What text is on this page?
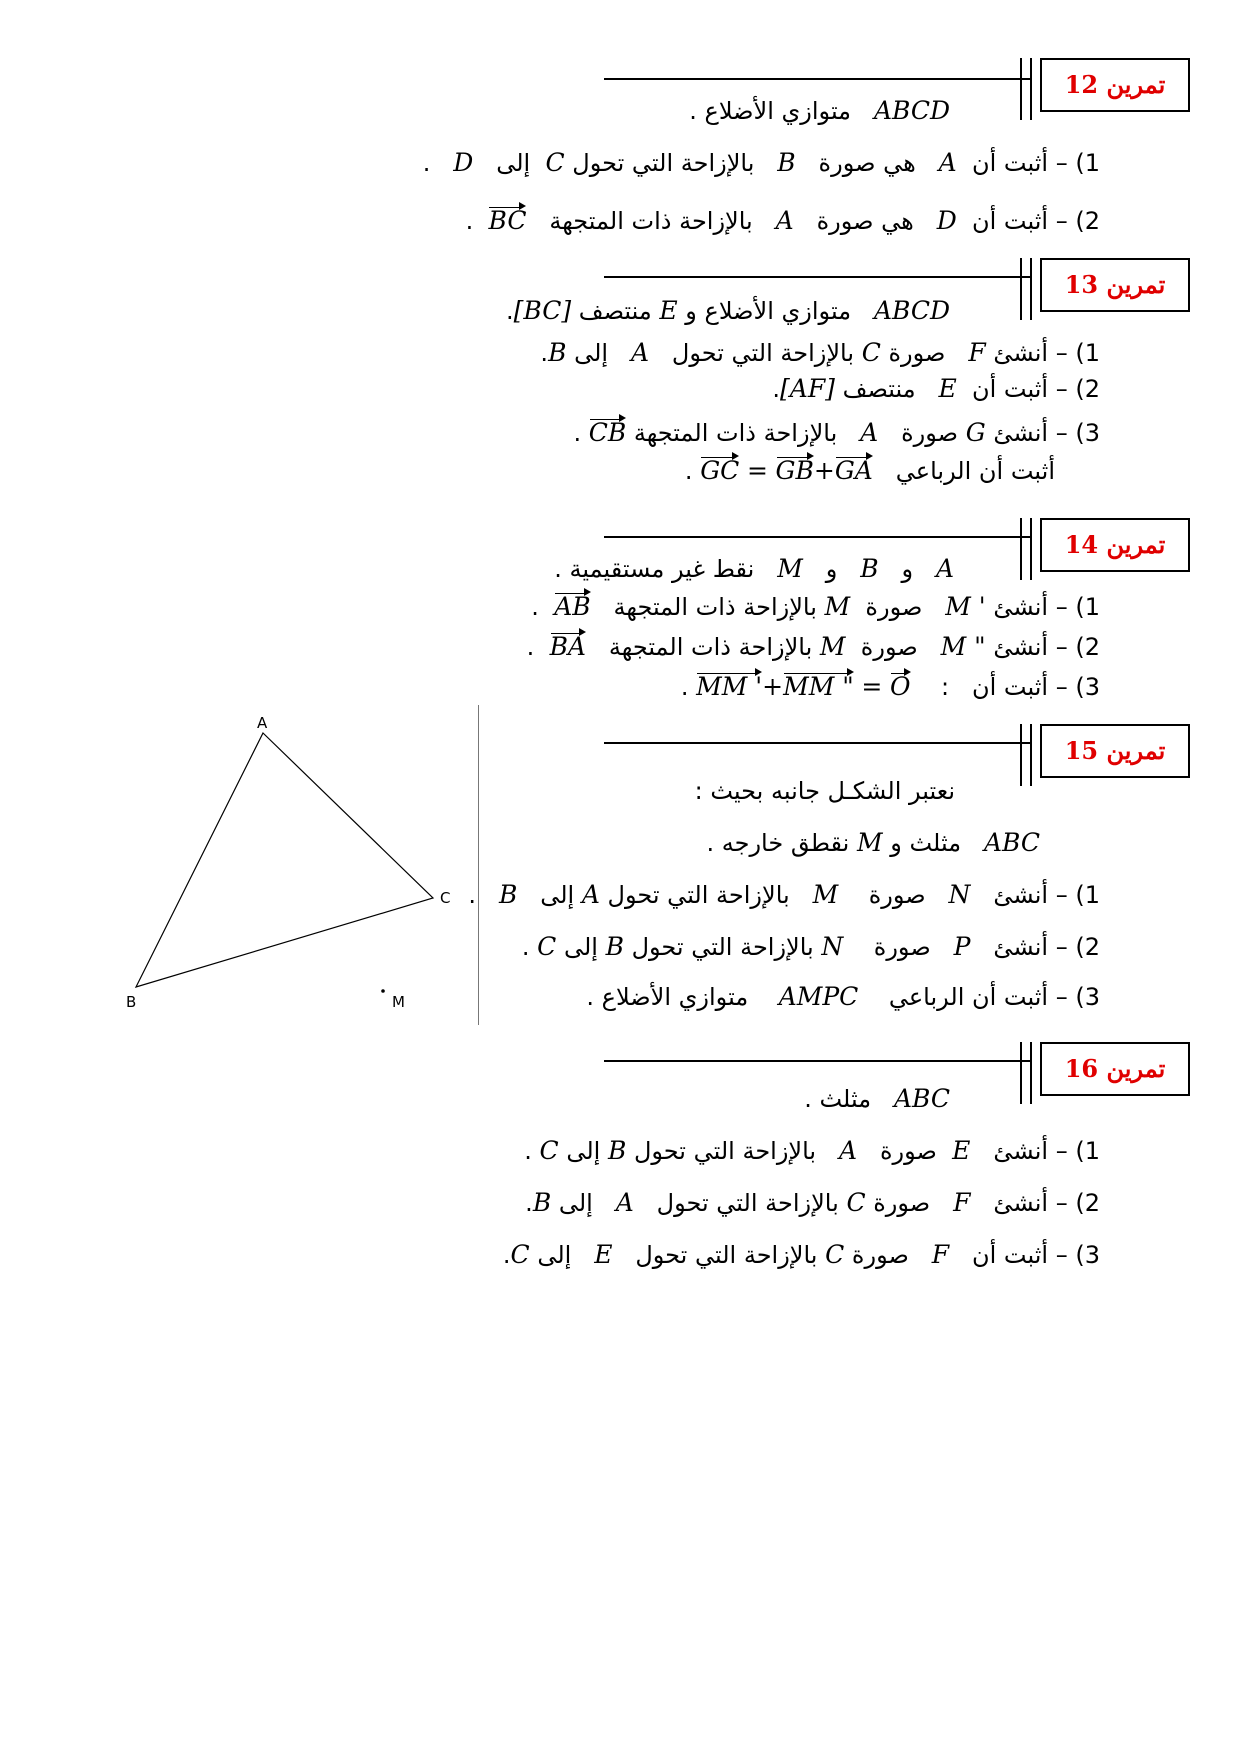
تمرين 12
ABCD   متوازي الأضلاع .
1) – أثبت أن  A   هي صورة   B   بالإزاحة التي تحول C  إلى   D   .
2) – أثبت أن  D   هي صورة   A   بالإزاحة ذات المتجهة   BC  .
تمرين 13
ABCD   متوازي الأضلاع و E منتصف [BC].
1) – أنشئ F   صورة C بالإزاحة التي تحول   A   إلى B.
2) – أثبت أن  E   منتصف [AF].
3) – أنشئ G صورة   A   بالإزاحة ذات المتجهة CB .
أثبت أن الرباعي   GC = GB+GA .
تمرين 14
A   و   B   و   M   نقط غير مستقيمية .
1) – أنشئ M '   صورة  M بالإزاحة ذات المتجهة   AB  .
2) – أنشئ M "   صورة  M بالإزاحة ذات المتجهة   BA  .
3) – أثبت أن   :    MM '+MM " = O .
تمرين 15
A
C
B	M
نعتبر الشكـل جانبه بحيث :
ABC   مثلث و M نقطق خارجه .
1) – أنشئ   N   صورة    M   بالإزاحة التي تحول A إلى   B   .
2) – أنشئ   P   صورة    N بالإزاحة التي تحول B إلى C .
3) – أثبت أن الرباعي    AMPC    متوازي الأضلاع .
تمرين 16
ABC   مثلث .
1) – أنشئ   E  صورة   A   بالإزاحة التي تحول B إلى C .
2) – أنشئ   F   صورة C بالإزاحة التي تحول   A   إلى B.
3) – أثبت أن   F   صورة C بالإزاحة التي تحول   E   إلى C.
